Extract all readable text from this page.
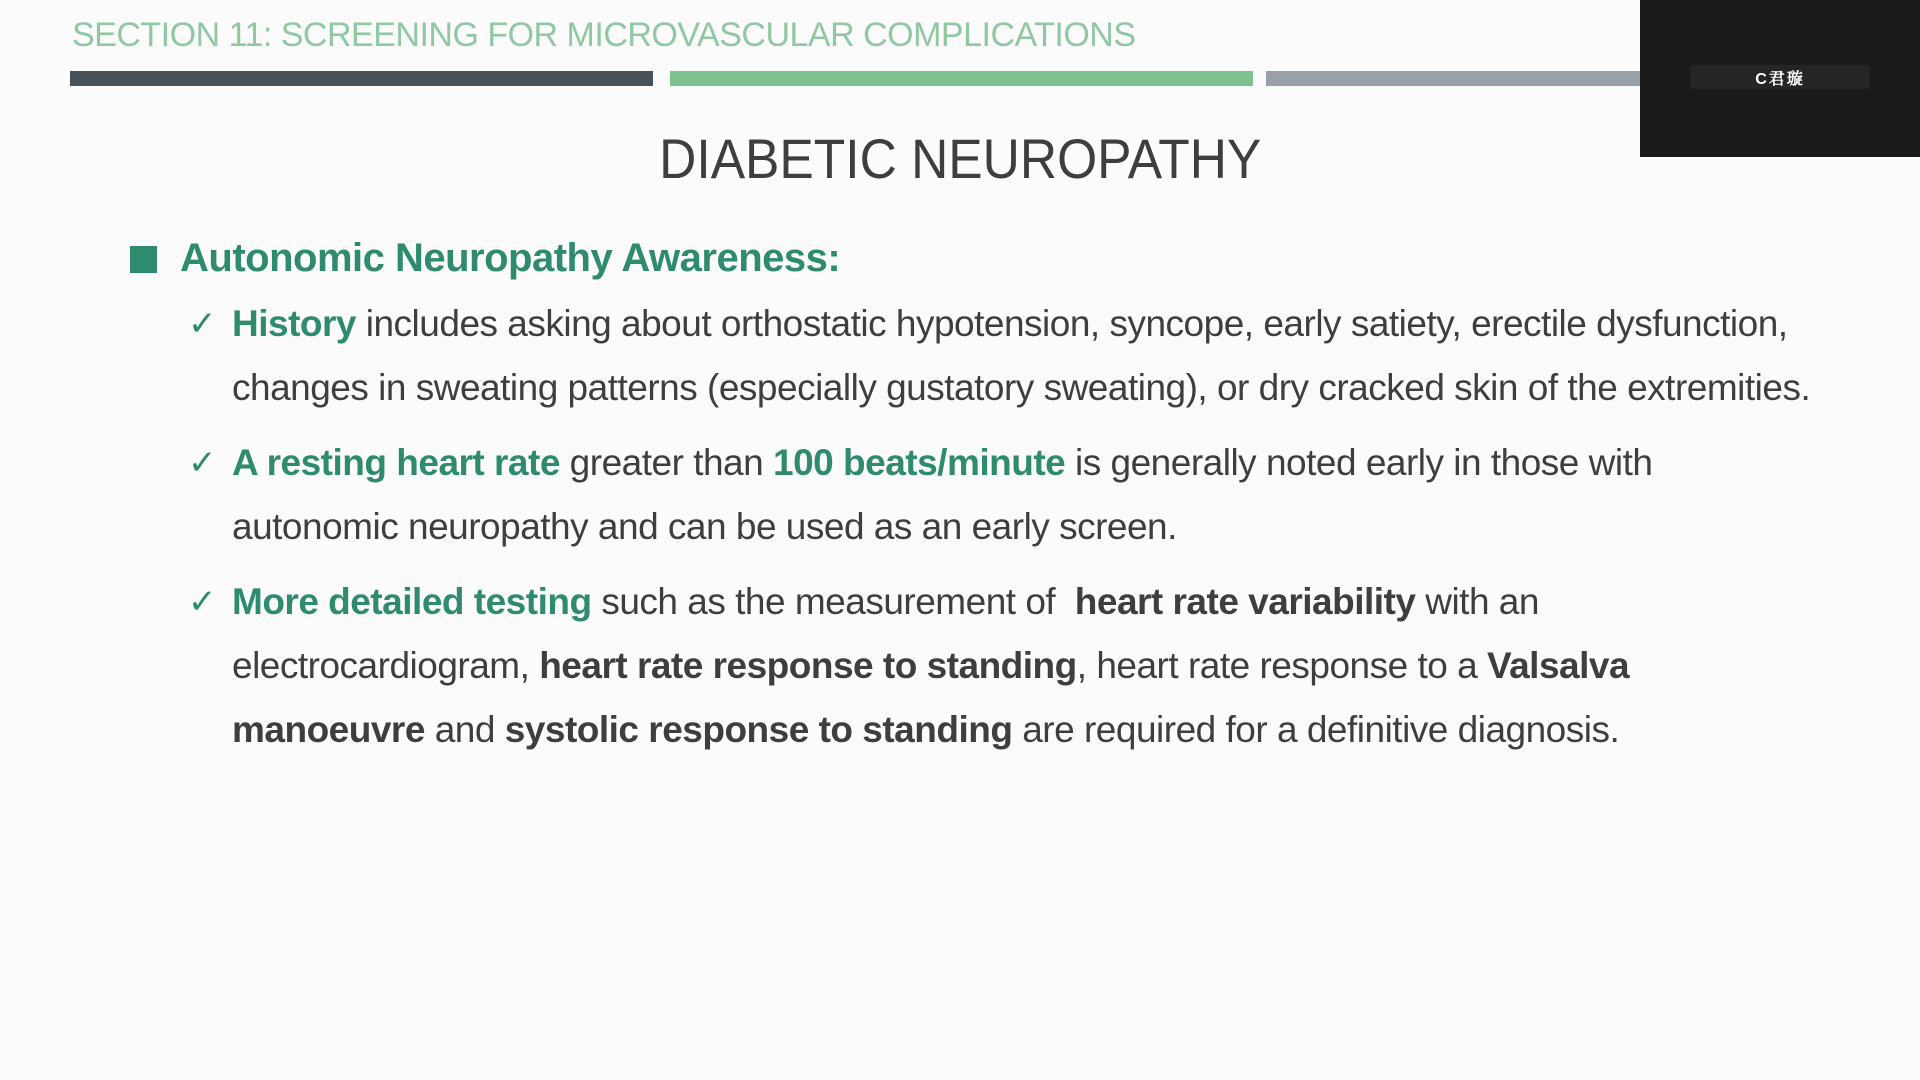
SECTION 11: SCREENING FOR MICROVASCULAR COMPLICATIONS
DIABETIC NEUROPATHY
Autonomic Neuropathy Awareness:
✓ History includes asking about orthostatic hypotension, syncope, early satiety, erectile dysfunction, changes in sweating patterns (especially gustatory sweating), or dry cracked skin of the extremities.
✓ A resting heart rate greater than 100 beats/minute is generally noted early in those with autonomic neuropathy and can be used as an early screen.
✓ More detailed testing such as the measurement of  heart rate variability with an electrocardiogram, heart rate response to standing, heart rate response to a Valsalva manoeuvre and systolic response to standing are required for a definitive diagnosis.
C君璇
